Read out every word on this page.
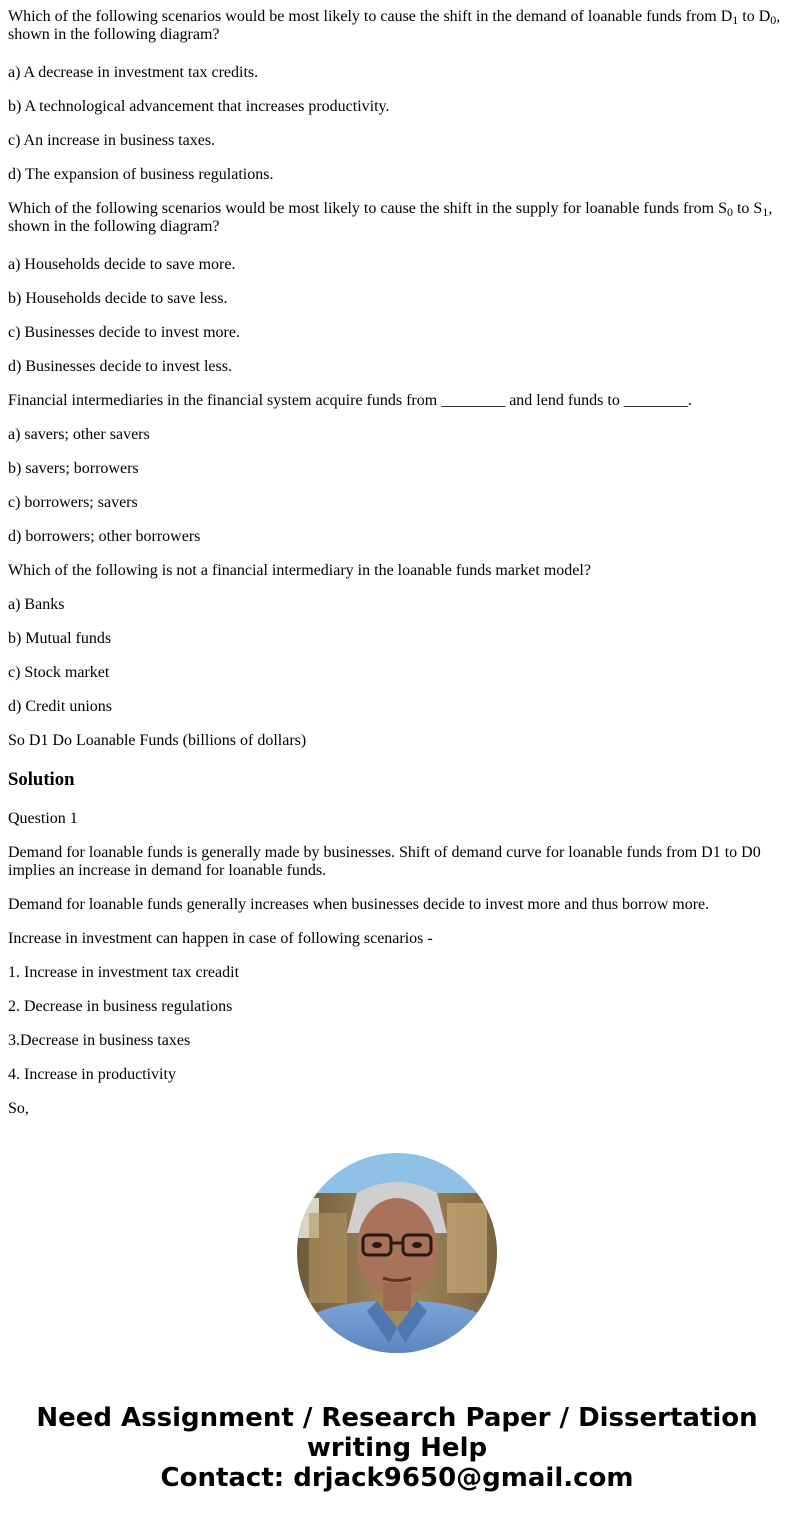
Which of the following scenarios would be most likely to cause the shift in the demand of loanable funds from $D_1$ to $D_0$, shown in the following diagram?

a) A decrease in investment tax credits.

b) A technological advancement that increases productivity.

c) An increase in business taxes.

d) The expansion of business regulations.

Which of the following scenarios would be most likely to cause the shift in the supply for loanable funds from $S_0$ to $S_1$, shown in the following diagram?

a) Households decide to save more.

b) Households decide to save less.

c) Businesses decide to invest more.

d) Businesses decide to invest less.

Financial intermediaries in the financial system acquire funds from ________ and lend funds to ________.

a) savers; other savers

b) savers; borrowers

c) borrowers; savers

d) borrowers; other borrowers

Which of the following is not a financial intermediary in the loanable funds market model?

a) Banks

b) Mutual funds

c) Stock market

d) Credit unions

So D1 Do Loanable Funds (billions of dollars)

Solution

Question 1

Demand for loanable funds is generally made by businesses. Shift of demand curve for loanable funds from D1 to D0 implies an increase in demand for loanable funds.

Demand for loanable funds generally increases when businesses decide to invest more and thus borrow more.

Increase in investment can happen in case of following scenarios -

1. Increase in investment tax creadit

2. Decrease in business regulations

3.Decrease in business taxes

4. Increase in productivity

So,

Need Assignment / Research Paper / Dissertation
writing Help
Contact: drjack9650@gmail.com
